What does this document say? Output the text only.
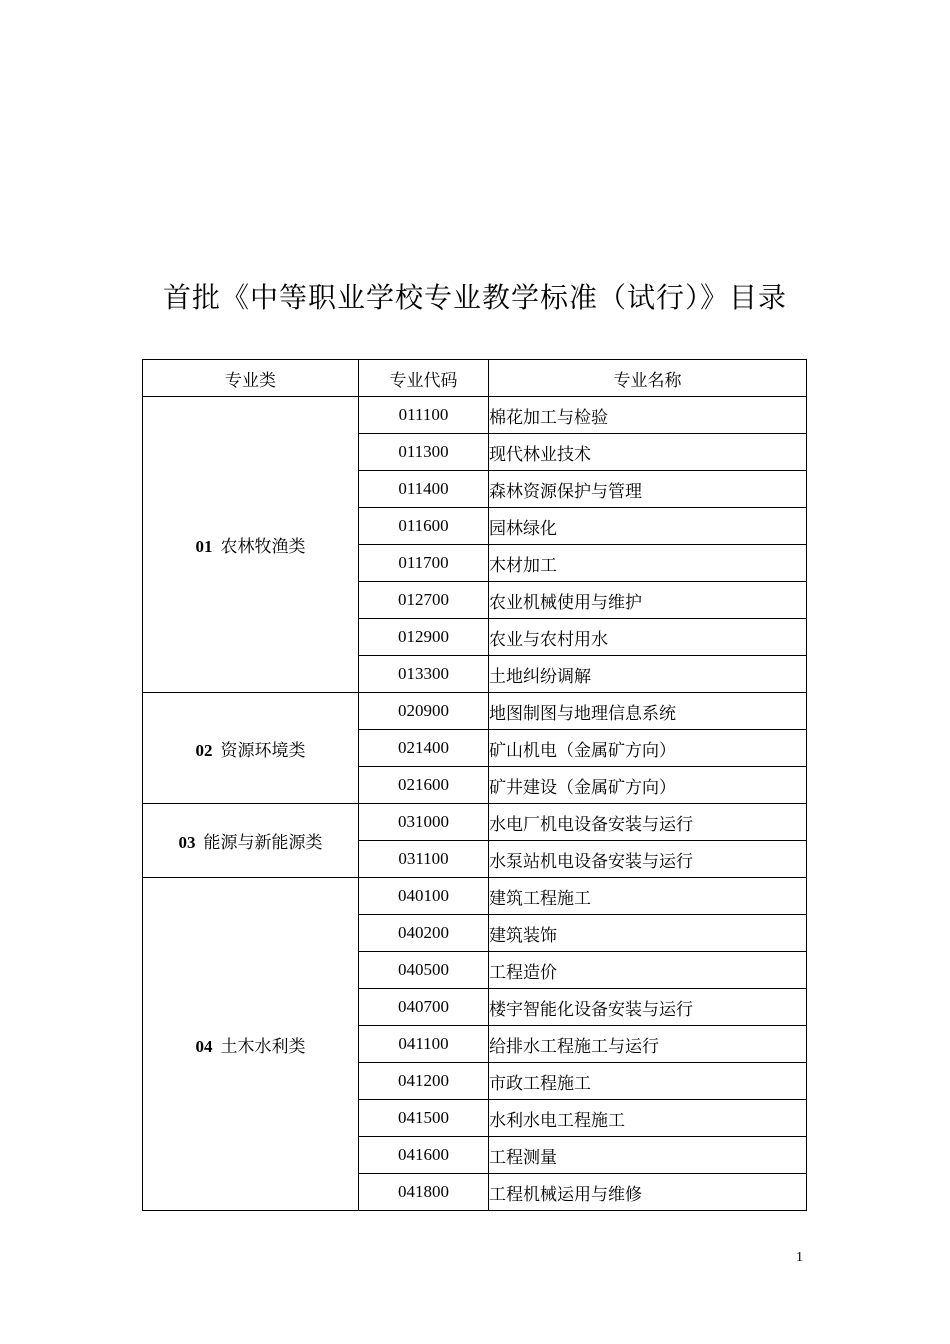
首批《中等职业学校专业教学标准（试行）》目录
专业类	专业代码	专业名称
01 农林牧渔类	011100	棉花加工与检验
	011300	现代林业技术
	011400	森林资源保护与管理
	011600	园林绿化
	011700	木材加工
	012700	农业机械使用与维护
	012900	农业与农村用水
	013300	土地纠纷调解
02 资源环境类	020900	地图制图与地理信息系统
	021400	矿山机电（金属矿方向）
	021600	矿井建设（金属矿方向）
03 能源与新能源类	031000	水电厂机电设备安装与运行
	031100	水泵站机电设备安装与运行
04 土木水利类	040100	建筑工程施工
	040200	建筑装饰
	040500	工程造价
	040700	楼宇智能化设备安装与运行
	041100	给排水工程施工与运行
	041200	市政工程施工
	041500	水利水电工程施工
	041600	工程测量
	041800	工程机械运用与维修
1
